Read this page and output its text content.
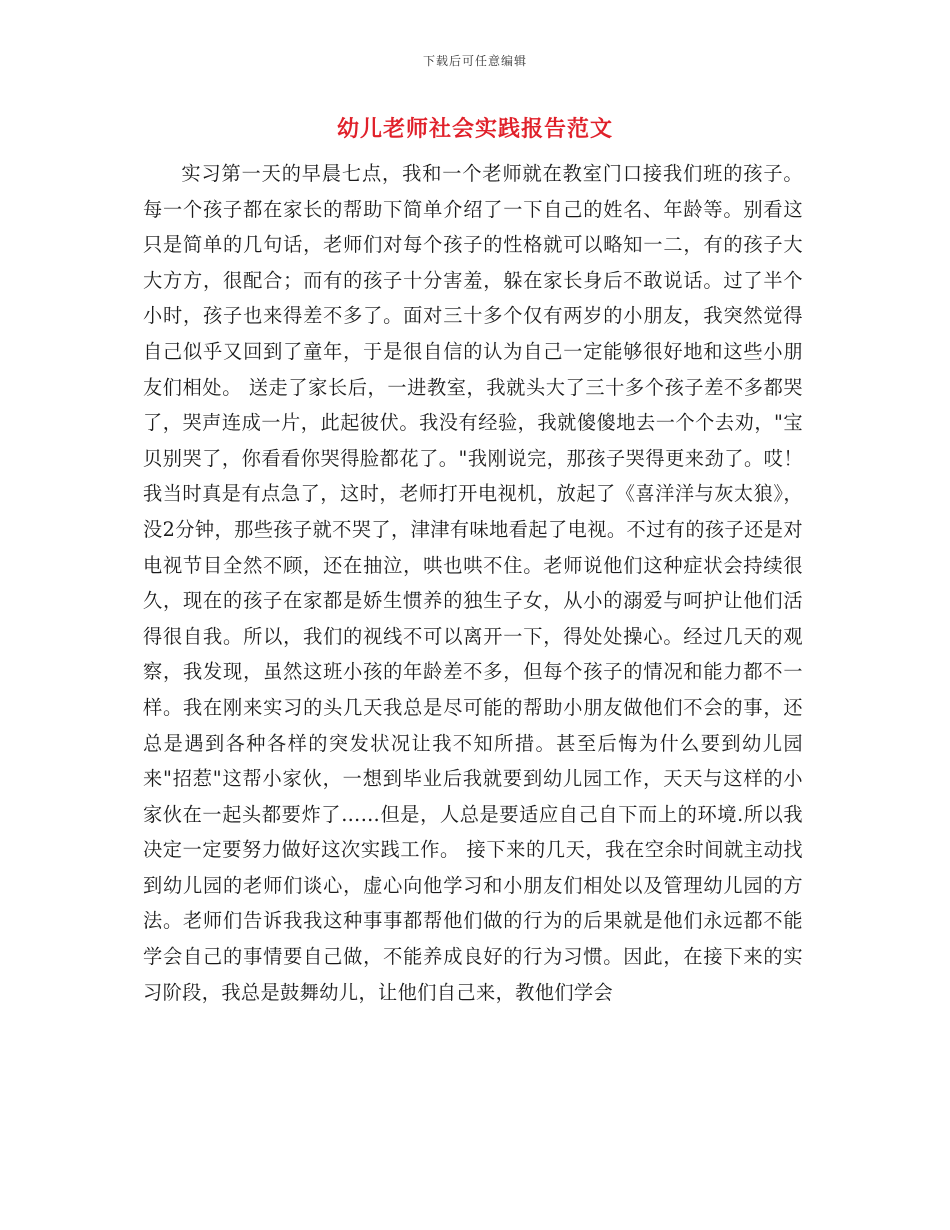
下载后可任意编辑
幼儿老师社会实践报告范文

实习第一天的早晨七点，我和一个老师就在教室门口接我们班的孩子。每一个孩子都在家长的帮助下简单介绍了一下自己的姓名、年龄等。别看这只是简单的几句话，老师们对每个孩子的性格就可以略知一二，有的孩子大大方方，很配合；而有的孩子十分害羞，躲在家长身后不敢说话。过了半个小时，孩子也来得差不多了。面对三十多个仅有两岁的小朋友，我突然觉得自己似乎又回到了童年，于是很自信的认为自己一定能够很好地和这些小朋友们相处。 送走了家长后，一进教室，我就头大了三十多个孩子差不多都哭了，哭声连成一片，此起彼伏。我没有经验，我就傻傻地去一个个去劝，"宝贝别哭了，你看看你哭得脸都花了。"我刚说完，那孩子哭得更来劲了。哎！我当时真是有点急了，这时，老师打开电视机，放起了《喜洋洋与灰太狼》，没2分钟，那些孩子就不哭了，津津有味地看起了电视。不过有的孩子还是对电视节目全然不顾，还在抽泣，哄也哄不住。老师说他们这种症状会持续很久，现在的孩子在家都是娇生惯养的独生子女，从小的溺爱与呵护让他们活得很自我。所以，我们的视线不可以离开一下，得处处操心。经过几天的观察，我发现，虽然这班小孩的年龄差不多，但每个孩子的情况和能力都不一样。我在刚来实习的头几天我总是尽可能的帮助小朋友做他们不会的事，还总是遇到各种各样的突发状况让我不知所措。甚至后悔为什么要到幼儿园来"招惹"这帮小家伙，一想到毕业后我就要到幼儿园工作，天天与这样的小家伙在一起头都要炸了……但是，人总是要适应自己自下而上的环境.所以我决定一定要努力做好这次实践工作。 接下来的几天，我在空余时间就主动找到幼儿园的老师们谈心，虚心向他学习和小朋友们相处以及管理幼儿园的方法。老师们告诉我我这种事事都帮他们做的行为的后果就是他们永远都不能学会自己的事情要自己做，不能养成良好的行为习惯。因此，在接下来的实习阶段，我总是鼓舞幼儿，让他们自己来，教他们学会
